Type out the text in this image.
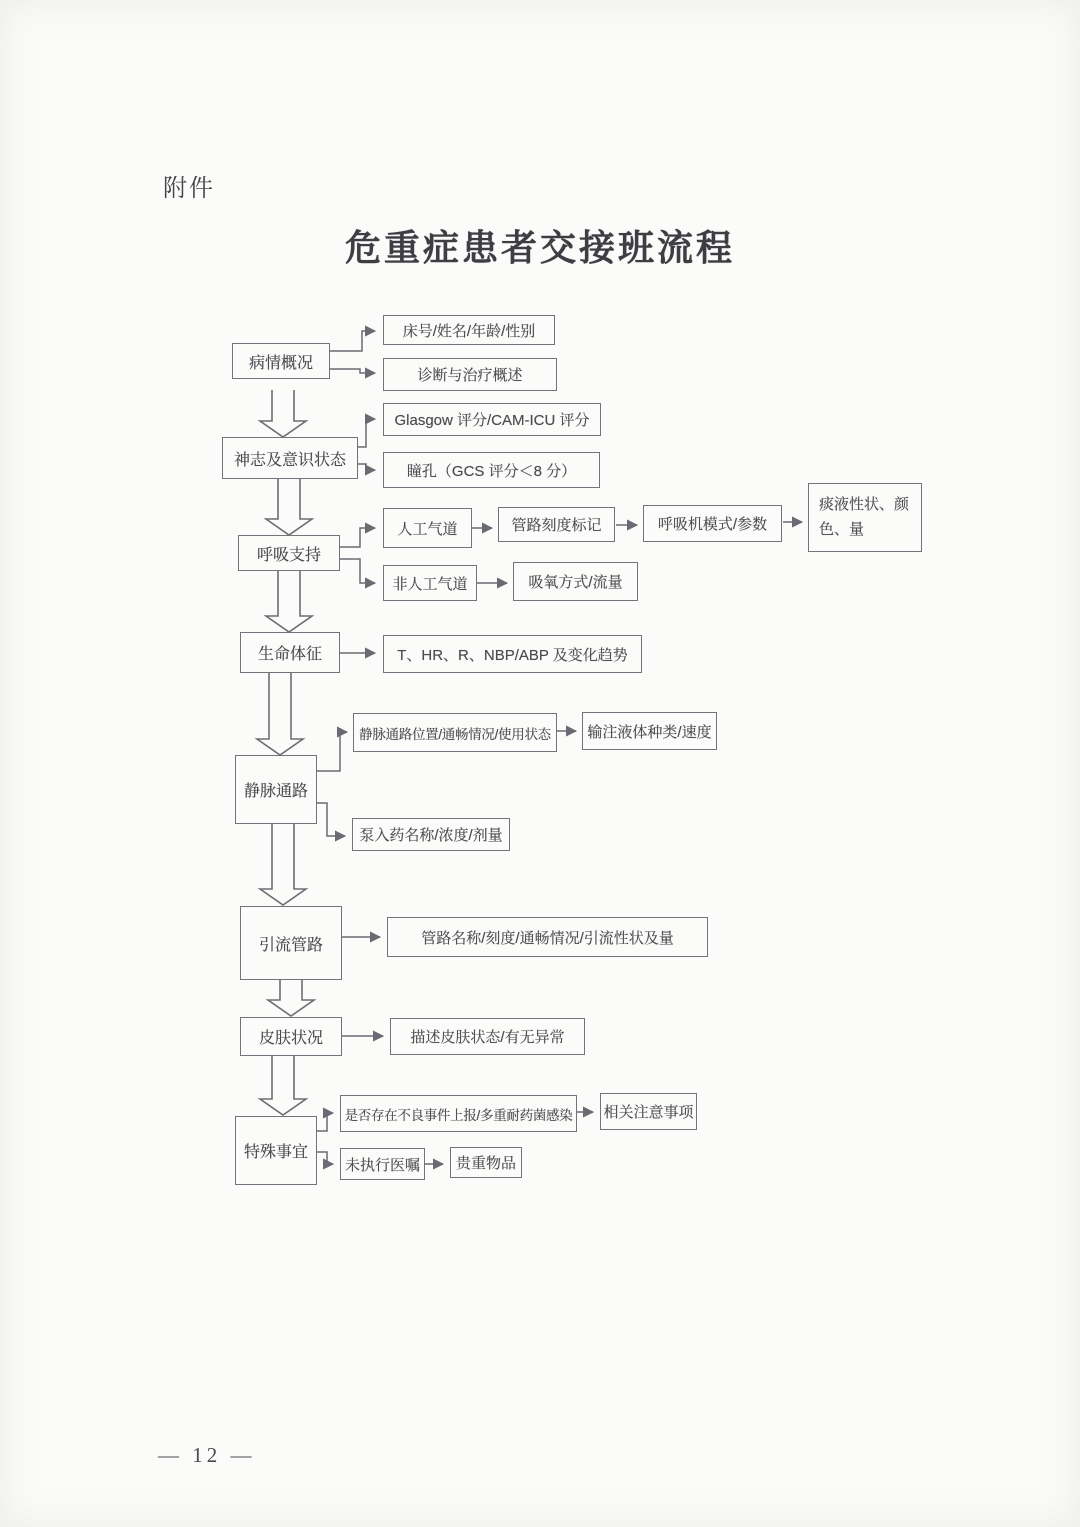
附件
危重症患者交接班流程
病情概况
神志及意识状态
呼吸支持
生命体征
静脉通路
引流管路
皮肤状况
特殊事宜
床号/姓名/年龄/性别
诊断与治疗概述
Glasgow 评分/CAM-ICU 评分
瞳孔（GCS 评分＜8 分）
人工气道	管路刻度标记	呼吸机模式/参数
痰液性状、颜色、量
非人工气道	吸氧方式/流量
T、HR、R、NBP/ABP 及变化趋势
静脉通路位置/通畅情况/使用状态	输注液体种类/速度
泵入药名称/浓度/剂量
管路名称/刻度/通畅情况/引流性状及量
描述皮肤状态/有无异常
是否存在不良事件上报/多重耐药菌感染	相关注意事项
未执行医嘱	贵重物品
— 12 —
